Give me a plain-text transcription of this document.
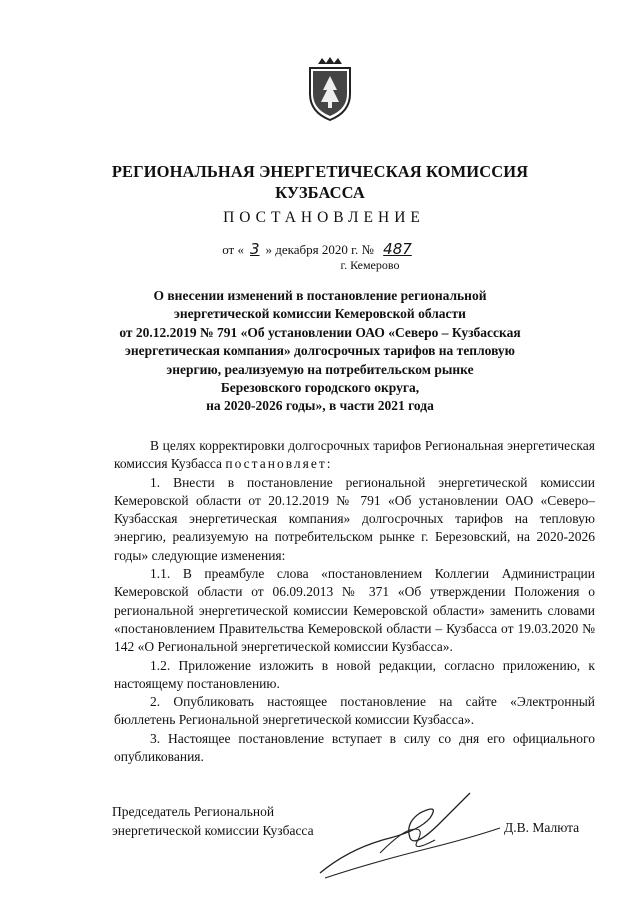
РЕГИОНАЛЬНАЯ ЭНЕРГЕТИЧЕСКАЯ КОМИССИЯ
КУЗБАССА
ПОСТАНОВЛЕНИЕ
от « 3 » декабря 2020 г. № 487
г. Кемерово
О внесении изменений в постановление региональной
энергетической комиссии Кемеровской области
от 20.12.2019 № 791 «Об установлении ОАО «Северо – Кузбасская
энергетическая компания» долгосрочных тарифов на тепловую
энергию, реализуемую на потребительском рынке
Березовского городского округа,
на 2020-2026 годы», в части 2021 года

В целях корректировки долгосрочных тарифов Региональная энергетическая комиссия Кузбасса постановляет:

1. Внести в постановление региональной энергетической комиссии Кемеровской области от 20.12.2019 № 791 «Об установлении ОАО «Северо–Кузбасская энергетическая компания» долгосрочных тарифов на тепловую энергию, реализуемую на потребительском рынке г. Березовский, на 2020-2026 годы» следующие изменения:

1.1. В преамбуле слова «постановлением Коллегии Администрации Кемеровской области от 06.09.2013 № 371 «Об утверждении Положения о региональной энергетической комиссии Кемеровской области» заменить словами «постановлением Правительства Кемеровской области – Кузбасса от 19.03.2020 № 142 «О Региональной энергетической комиссии Кузбасса».

1.2. Приложение изложить в новой редакции, согласно приложению, к настоящему постановлению.

2. Опубликовать настоящее постановление на сайте «Электронный бюллетень Региональной энергетической комиссии Кузбасса».

3. Настоящее постановление вступает в силу со дня его официального опубликования.

Председатель Региональной
энергетической комиссии Кузбасса	Д.В. Малюта
